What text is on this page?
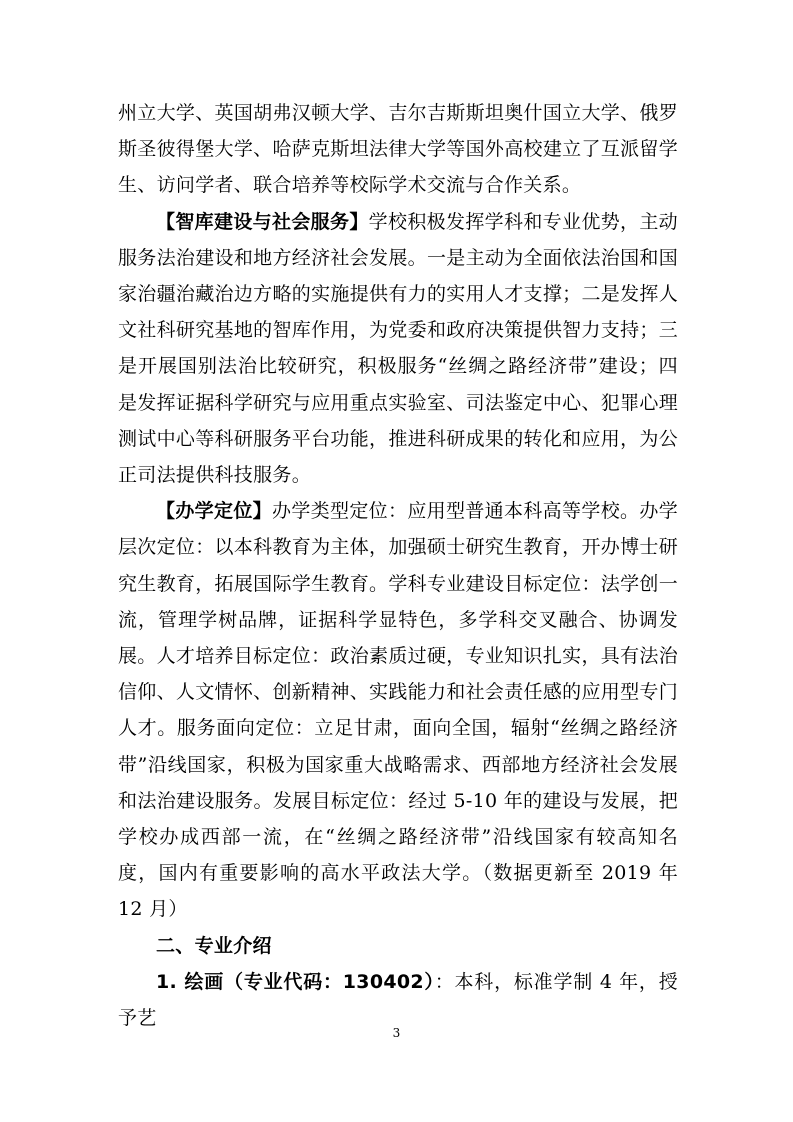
州立大学、英国胡弗汉顿大学、吉尔吉斯斯坦奥什国立大学、俄罗斯圣彼得堡大学、哈萨克斯坦法律大学等国外高校建立了互派留学生、访问学者、联合培养等校际学术交流与合作关系。

【智库建设与社会服务】学校积极发挥学科和专业优势，主动服务法治建设和地方经济社会发展。一是主动为全面依法治国和国家治疆治藏治边方略的实施提供有力的实用人才支撑；二是发挥人文社科研究基地的智库作用，为党委和政府决策提供智力支持；三是开展国别法治比较研究，积极服务“丝绸之路经济带”建设；四是发挥证据科学研究与应用重点实验室、司法鉴定中心、犯罪心理测试中心等科研服务平台功能，推进科研成果的转化和应用，为公正司法提供科技服务。

【办学定位】办学类型定位：应用型普通本科高等学校。办学层次定位：以本科教育为主体，加强硕士研究生教育，开办博士研究生教育，拓展国际学生教育。学科专业建设目标定位：法学创一流，管理学树品牌，证据科学显特色，多学科交叉融合、协调发展。人才培养目标定位：政治素质过硬，专业知识扎实，具有法治信仰、人文情怀、创新精神、实践能力和社会责任感的应用型专门人才。服务面向定位：立足甘肃，面向全国，辐射“丝绸之路经济带”沿线国家，积极为国家重大战略需求、西部地方经济社会发展和法治建设服务。发展目标定位：经过 5-10 年的建设与发展，把学校办成西部一流，在“丝绸之路经济带”沿线国家有较高知名度，国内有重要影响的高水平政法大学。（数据更新至 2019 年 12 月）

二、专业介绍

1. 绘画（专业代码：130402）：本科，标准学制 4 年，授予艺

3
